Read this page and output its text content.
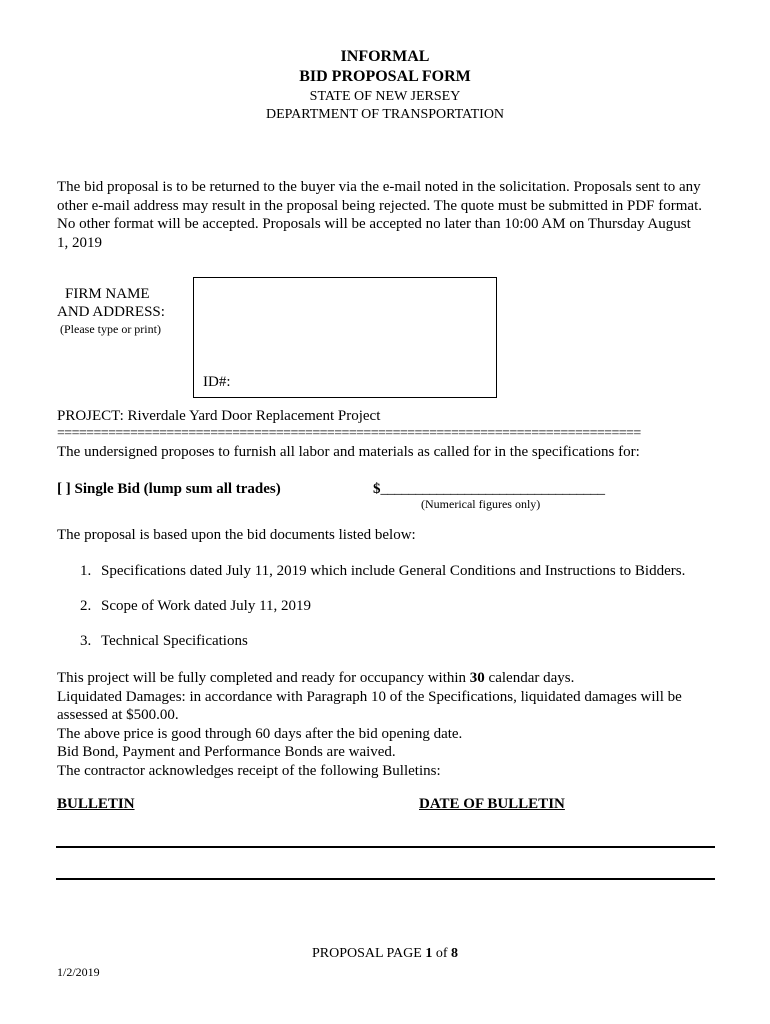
INFORMAL
BID PROPOSAL FORM
STATE OF NEW JERSEY
DEPARTMENT OF TRANSPORTATION
The bid proposal is to be returned to the buyer via the e-mail noted in the solicitation. Proposals sent to any
other e-mail address may result in the proposal being rejected. The quote must be submitted in PDF format.
No other format will be accepted. Proposals will be accepted no later than 10:00 AM on Thursday August
1, 2019
FIRM NAME
AND ADDRESS:
(Please type or print)
ID#:
PROJECT: Riverdale Yard Door Replacement Project
================================================================================
The undersigned proposes to furnish all labor and materials as called for in the specifications for:
[ ] Single Bid (lump sum all trades)	$________________________________
(Numerical figures only)
The proposal is based upon the bid documents listed below:
1. Specifications dated July 11, 2019 which include General Conditions and Instructions to Bidders.
2. Scope of Work dated July 11, 2019
3. Technical Specifications
This project will be fully completed and ready for occupancy within 30 calendar days.
Liquidated Damages: in accordance with Paragraph 10 of the Specifications, liquidated damages will be
assessed at $500.00.
The above price is good through 60 days after the bid opening date.
Bid Bond, Payment and Performance Bonds are waived.
The contractor acknowledges receipt of the following Bulletins:
BULLETIN	DATE OF BULLETIN
PROPOSAL PAGE 1 of 8
1/2/2019
